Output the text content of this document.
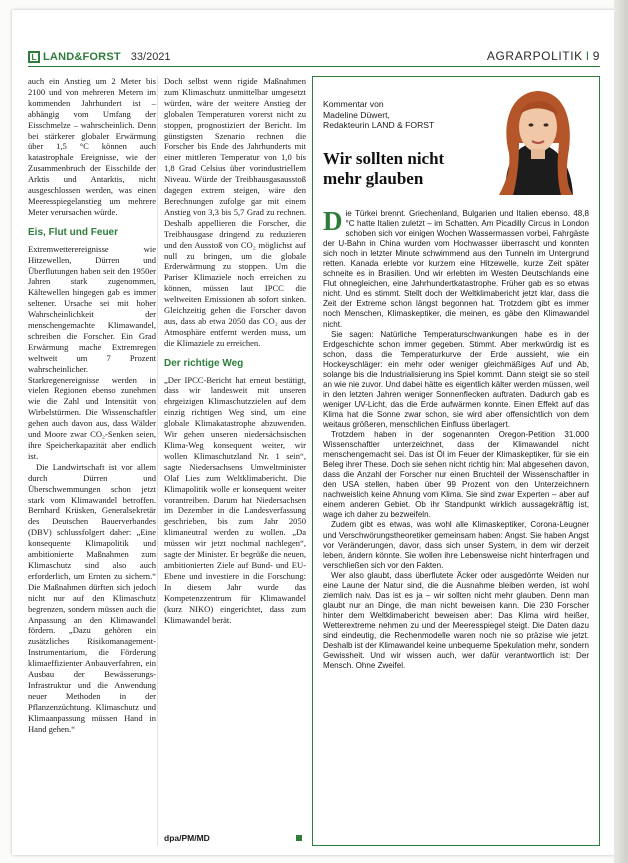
L LAND&FORST 33/2021	AGRARPOLITIK I 9

auch ein Anstieg um 2 Meter bis 2100 und von mehreren Metern im kommenden Jahrhundert ist – abhängig vom Umfang der Eisschmelze – wahrscheinlich. Denn bei stärkerer globaler Erwärmung über 1,5 °C können auch katastrophale Ereignisse, wie der Zusammenbruch der Eisschilde der Arktis und Antarktis, nicht ausgeschlossen werden, was einen Meeresspiegelanstieg um mehrere Meter verursachen würde.

Eis, Flut und Feuer

Extremwetterereignisse wie Hitzewellen, Dürren und Überflutungen haben seit den 1950er Jahren stark zugenommen, Kältewellen hingegen gab es immer seltener. Ursache sei mit hoher Wahrscheinlichkeit der menschengemachte Klimawandel, schreiben die Forscher. Ein Grad Erwärmung mache Extremregen weltweit um 7 Prozent wahrscheinlicher. Starkregenereignisse werden in vielen Regionen ebenso zunehmen wie die Zahl und Intensität von Wirbelstürmen. Die Wissenschaftler gehen auch davon aus, dass Wälder und Moore zwar CO₂-Senken seien, ihre Speicherkapazität aber endlich ist.

Die Landwirtschaft ist vor allem durch Dürren und Überschwemmungen schon jetzt stark vom Klimawandel betroffen. Bernhard Krüsken, Generalsekretär des Deutschen Bauerverbandes (DBV) schlussfolgert daher: „Eine konsequente Klimapolitik und ambitionierte Maßnahmen zum Klimaschutz sind also auch erforderlich, um Ernten zu sichern.“ Die Maßnahmen dürften sich jedoch nicht nur auf den Klimaschutz begrenzen, sondern müssen auch die Anpassung an den Klimawandel fördern. „Dazu gehören ein zusätzliches Risikomanagement-Instrumentarium, die Förderung klimaeffizienter Anbauverfahren, ein Ausbau der Bewässerungs-Infrastruktur und die Anwendung neuer Methoden in der Pflanzenzüchtung. Klimaschutz und Klimaanpassung müssen Hand in Hand gehen.“

Doch selbst wenn rigide Maßnahmen zum Klimaschutz unmittelbar umgesetzt würden, wäre der weitere Anstieg der globalen Temperaturen vorerst nicht zu stoppen, prognostiziert der Bericht. Im günstigsten Szenario rechnen die Forscher bis Ende des Jahrhunderts mit einer mittleren Temperatur von 1,0 bis 1,8 Grad Celsius über vorindustriellem Niveau. Würde der Treibhausgasausstoß dagegen extrem steigen, wäre den Berechnungen zufolge gar mit einem Anstieg von 3,3 bis 5,7 Grad zu rechnen. Deshalb appellieren die Forscher, die Treibhausgase dringend zu reduzieren und den Ausstoß von CO₂ möglichst auf null zu bringen, um die globale Erderwärmung zu stoppen. Um die Pariser Klimaziele noch erreichen zu können, müssen laut IPCC die weltweiten Emissionen ab sofort sinken. Gleichzeitig gehen die Forscher davon aus, dass ab etwa 2050 das CO₂ aus der Atmosphäre entfernt werden muss, um die Klimaziele zu erreichen.

Der richtige Weg

„Der IPCC-Bericht hat erneut bestätigt, dass wir landesweit mit unseren ehrgeizigen Klimaschutzzielen auf dem einzig richtigen Weg sind, um eine globale Klimakatastrophe abzuwenden. Wir gehen unseren niedersächsischen Klima-Weg konsequent weiter, wir wollen Klimaschutzland Nr. 1 sein“, sagte Niedersachsens Umweltminister Olaf Lies zum Weltklimabericht. Die Klimapolitik wolle er konsequent weiter vorantreiben. Darum hat Niedersachsen im Dezember in die Landesverfassung geschrieben, bis zum Jahr 2050 klimaneutral werden zu wollen. „Da müssen wir jetzt nochmal nachlegen“, sagte der Minister. Er begrüße die neuen, ambitionierten Ziele auf Bund- und EU-Ebene und investiere in die Forschung: In diesem Jahr wurde das Kompetenzzentrum für Klimawandel (kurz NIKO) eingerichtet, dass zum Klimawandel berät.

dpa/PM/MD
Kommentar von
Madeline Düwert,
Redakteurin LAND & FORST
Wir sollten nicht mehr glauben

Die Türkei brennt. Griechenland, Bulgarien und Italien ebenso. 48,8 °C hatte Italien zuletzt – im Schatten. Am Picadilly Circus in London schoben sich vor einigen Wochen Wassermassen vorbei, Fahrgäste der U-Bahn in China wurden vom Hochwasser überrascht und konnten sich noch in letzter Minute schwimmend aus den Tunneln im Untergrund retten. Kanada erlebte vor kurzem eine Hitzewelle, kurze Zeit später schneite es in Brasilien. Und wir erlebten im Westen Deutschlands eine Flut ohnegleichen, eine Jahrhundertkatastrophe. Früher gab es so etwas nicht. Und es stimmt. Stellt doch der Weltklimabericht jetzt klar, dass die Zeit der Extreme schon längst begonnen hat. Trotzdem gibt es immer noch Menschen, Klimaskeptiker, die meinen, es gäbe den Klimawandel nicht.

Sie sagen: Natürliche Temperaturschwankungen habe es in der Erdgeschichte schon immer gegeben. Stimmt. Aber merkwürdig ist es schon, dass die Temperaturkurve der Erde aussieht, wie ein Hockeyschläger: ein mehr oder weniger gleichmäßiges Auf und Ab, solange bis die Industrialisierung ins Spiel kommt. Dann steigt sie so steil an wie nie zuvor. Und dabei hätte es eigentlich kälter werden müssen, weil in den letzten Jahren weniger Sonnenflecken auftraten. Dadurch gab es weniger UV-Licht, das die Erde aufwärmen konnte. Einen Effekt auf das Klima hat die Sonne zwar schon, sie wird aber offensichtlich von dem weitaus größeren, menschlichen Einfluss überlagert.

Trotzdem haben in der sogenannten Oregon-Petition 31.000 Wissenschaftler unterzeichnet, dass der Klimawandel nicht menschengemacht sei. Das ist Öl im Feuer der Klimaskeptiker, für sie ein Beleg ihrer These. Doch sie sehen nicht richtig hin: Mal abgesehen davon, dass die Anzahl der Forscher nur einen Bruchteil der Wissenschaftler in den USA stellen, haben über 99 Prozent von den Unterzeichnern nachweislich keine Ahnung vom Klima. Sie sind zwar Experten – aber auf einem anderen Gebiet. Ob ihr Standpunkt wirklich aussagekräftig ist, wage ich daher zu bezweifeln.

Zudem gibt es etwas, was wohl alle Klimaskeptiker, Corona-Leugner und Verschwörungstheoretiker gemeinsam haben: Angst. Sie haben Angst vor Veränderungen, davor, dass sich unser System, in dem wir derzeit leben, ändern könnte. Sie wollen ihre Lebensweise nicht hinterfragen und verschließen sich vor den Fakten.

Wer also glaubt, dass überflutete Äcker oder ausgedörrte Weiden nur eine Laune der Natur sind, die die Ausnahme bleiben werden, ist wohl ziemlich naiv. Das ist es ja – wir sollten nicht mehr glauben. Denn man glaubt nur an Dinge, die man nicht beweisen kann. Die 230 Forscher hinter dem Weltklimabericht beweisen aber: Das Klima wird heißer, Wetterextreme nehmen zu und der Meeresspiegel steigt. Die Daten dazu sind eindeutig, die Rechenmodelle waren noch nie so präzise wie jetzt. Deshalb ist der Klimawandel keine unbequeme Spekulation mehr, sondern Gewissheit. Und wir wissen auch, wer dafür verantwortlich ist: Der Mensch. Ohne Zweifel.
